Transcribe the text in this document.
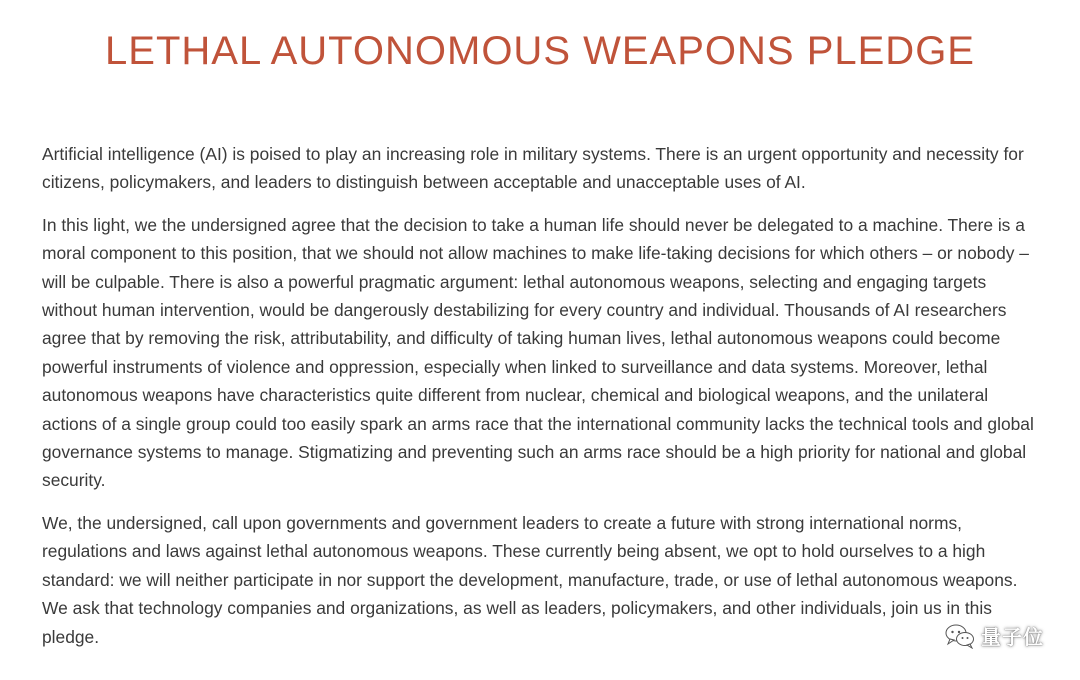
LETHAL AUTONOMOUS WEAPONS PLEDGE

Artificial intelligence (AI) is poised to play an increasing role in military systems. There is an urgent opportunity and necessity for citizens, policymakers, and leaders to distinguish between acceptable and unacceptable uses of AI.

In this light, we the undersigned agree that the decision to take a human life should never be delegated to a machine. There is a moral component to this position, that we should not allow machines to make life-taking decisions for which others – or nobody – will be culpable. There is also a powerful pragmatic argument: lethal autonomous weapons, selecting and engaging targets without human intervention, would be dangerously destabilizing for every country and individual. Thousands of AI researchers agree that by removing the risk, attributability, and difficulty of taking human lives, lethal autonomous weapons could become powerful instruments of violence and oppression, especially when linked to surveillance and data systems. Moreover, lethal autonomous weapons have characteristics quite different from nuclear, chemical and biological weapons, and the unilateral actions of a single group could too easily spark an arms race that the international community lacks the technical tools and global governance systems to manage. Stigmatizing and preventing such an arms race should be a high priority for national and global security.

We, the undersigned, call upon governments and government leaders to create a future with strong international norms, regulations and laws against lethal autonomous weapons. These currently being absent, we opt to hold ourselves to a high standard: we will neither participate in nor support the development, manufacture, trade, or use of lethal autonomous weapons. We ask that technology companies and organizations, as well as leaders, policymakers, and other individuals, join us in this pledge.	量子位
